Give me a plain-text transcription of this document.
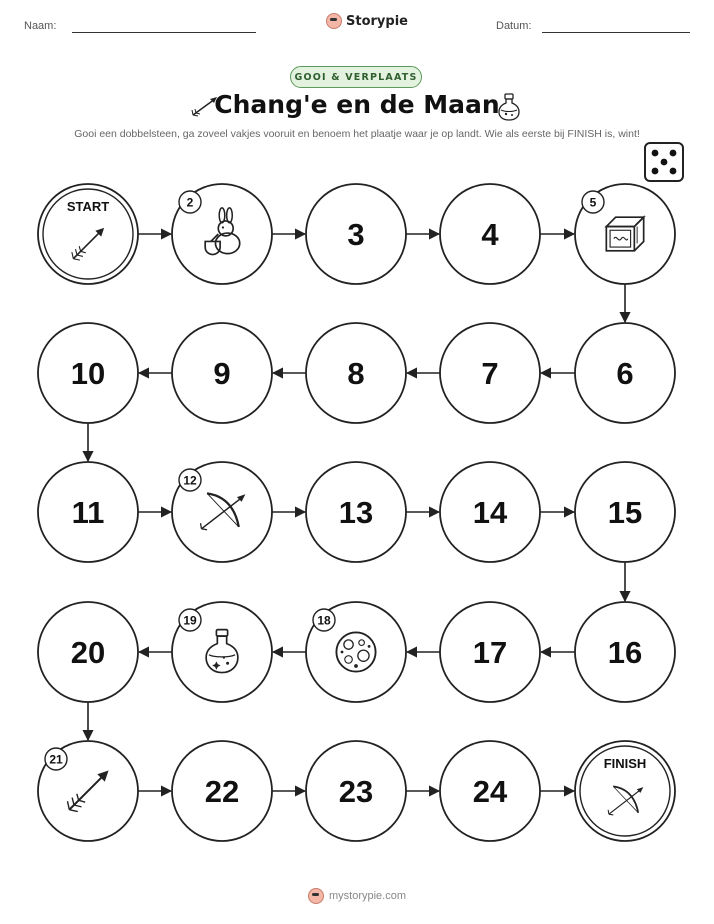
Naam:	Storypie	Datum:
GOOI & VERPLAATS
Chang'e en de Maan
Gooi een dobbelsteen, ga zoveel vakjes vooruit en benoem het plaatje waar je op landt. Wie als eerste bij FINISH is, wint!
START	2
3	4
5
6
7
8
9
10
11
12
13	14	15
16
17
18
19
20
21
22	23	24
FINISH
mystorypie.com
